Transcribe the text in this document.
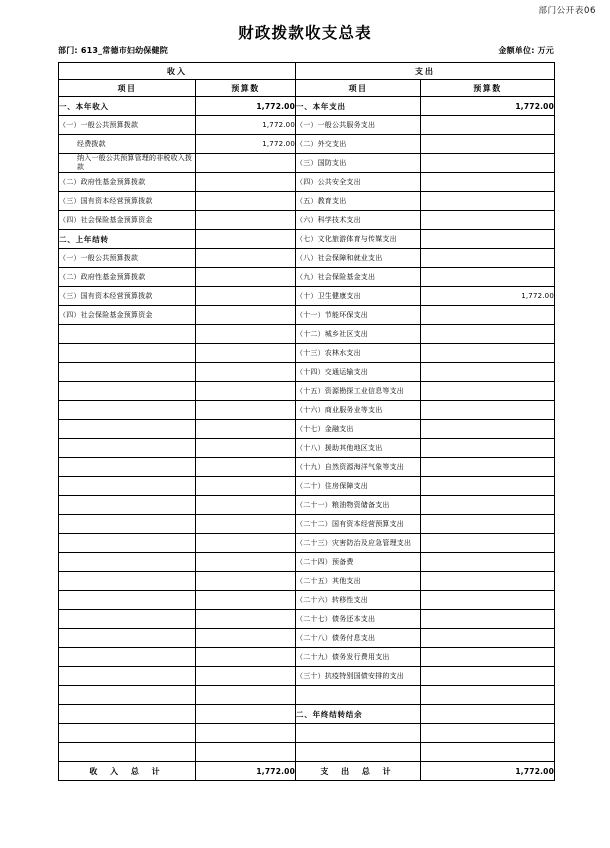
部门公开表06
财政拨款收支总表
部门: 613_常德市妇幼保健院	金额单位: 万元
收入		支出	
项目	预算数	项目	预算数
一、本年收入	1,772.00	一、本年支出	1,772.00
（一）一般公共预算拨款	1,772.00	（一）一般公共服务支出	
经费拨款	1,772.00	（二）外交支出	
纳入一般公共预算管理的非税收入拨款		（三）国防支出	
（二）政府性基金预算拨款		（四）公共安全支出	
（三）国有资本经营预算拨款		（五）教育支出	
（四）社会保险基金预算资金		（六）科学技术支出	
二、上年结转		（七）文化旅游体育与传媒支出	
（一）一般公共预算拨款		（八）社会保障和就业支出	
（二）政府性基金预算拨款		（九）社会保险基金支出	
（三）国有资本经营预算拨款		（十）卫生健康支出	1,772.00
（四）社会保险基金预算资金		（十一）节能环保支出	
		（十二）城乡社区支出	
		（十三）农林水支出	
		（十四）交通运输支出	
		（十五）资源勘探工业信息等支出	
		（十六）商业服务业等支出	
		（十七）金融支出	
		（十八）援助其他地区支出	
		（十九）自然资源海洋气象等支出	
		（二十）住房保障支出	
		（二十一）粮油物资储备支出	
		（二十二）国有资本经营预算支出	
		（二十三）灾害防治及应急管理支出	
		（二十四）预备费	
		（二十五）其他支出	
		（二十六）转移性支出	
		（二十七）债务还本支出	
		（二十八）债务付息支出	
		（二十九）债务发行费用支出	
		（三十）抗疫特别国债安排的支出	

		二、年终结转结余	

收 入 总 计	1,772.00	支 出 总 计	1,772.00
